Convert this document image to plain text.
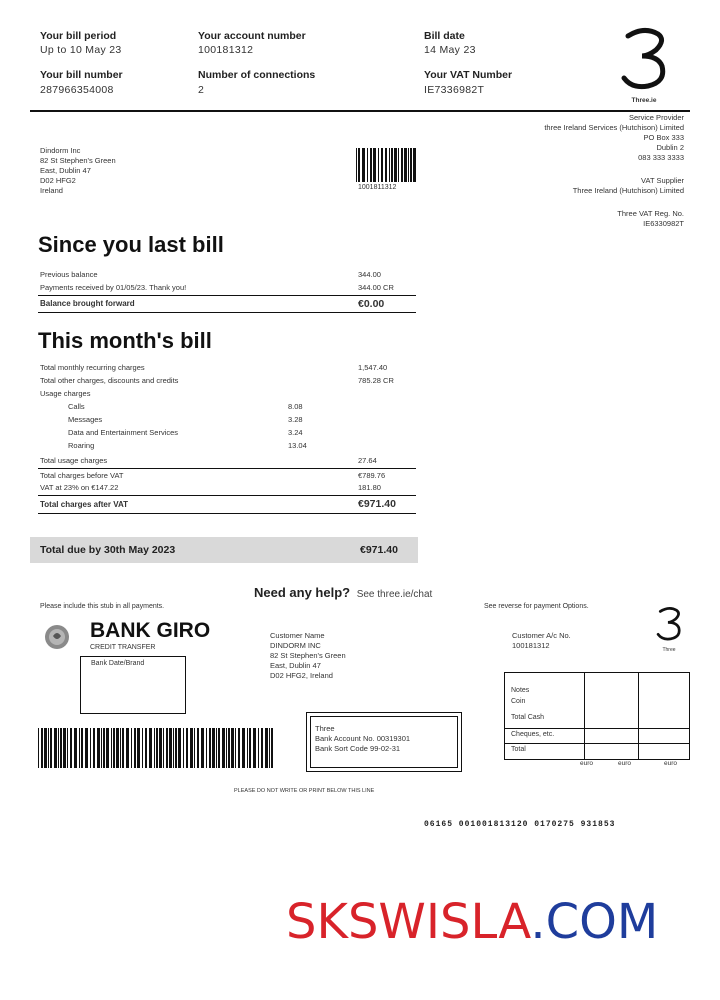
Your bill period
Up to 10 May 23
Your account number
100181312
Bill date
14 May 23
Your bill number
287966354008
Number of connections
2
Your VAT Number
IE7336982T
Three.ie
Service Provider
three Ireland Services (Hutchison) Limited
PO Box 333
Dublin 2
083 333 3333
VAT Supplier
Three Ireland (Hutchison) Limited
Three VAT Reg. No.
IE6330982T
Dindorm Inc
82 St Stephen's Green
East, Dublin 47
D02 HFG2
Ireland	1001811312
Since you last bill
Previous balance	344.00
Payments received by 01/05/23. Thank you!	344.00 CR
Balance brought forward	€0.00
This month's bill
Total monthly recurring charges	1,547.40
Total other charges, discounts and credits	785.28 CR
Usage charges
Calls	8.08
Messages	3.28
Data and Entertainment Services	3.24
Roaring	13.04
Total usage charges	27.64
Total charges before VAT	€789.76
VAT at 23% on €147.22	181.80
Total charges after VAT	€971.40
Total due by 30th May 2023	€971.40
Need any help? See three.ie/chat
Please include this stub in all payments.	See reverse for payment Options.
BANK GIRO
CREDIT TRANSFER
Bank Date/Brand
Customer Name
DINDORM INC
82 St Stephen's Green
East, Dublin 47
D02 HFG2, Ireland
Customer A/c No.
100181312	Three
Notes
Coin
Total Cash
Cheques, etc.
Total
euro	euro	euro
Three
Bank Account No. 00319301
Bank Sort Code 99-02-31
PLEASE DO NOT WRITE OR PRINT BELOW THIS LINE
06165 001001813120 0170275 931853
SKSWISLA.COM
